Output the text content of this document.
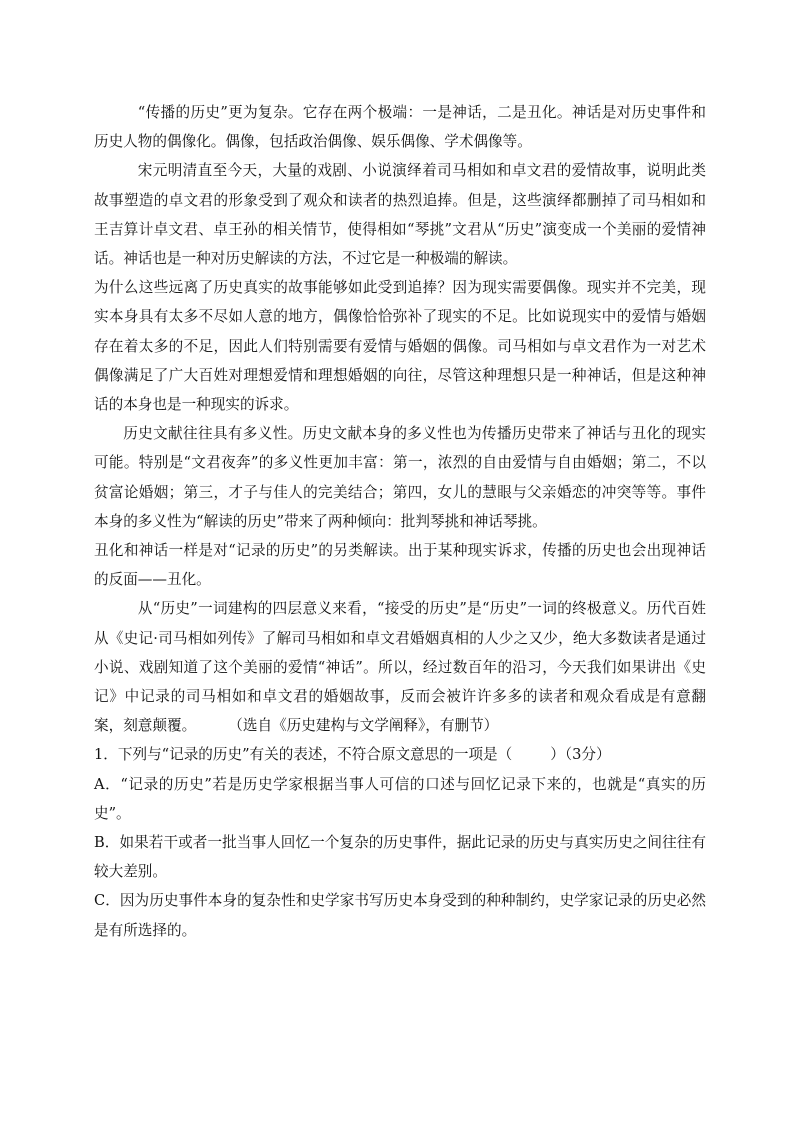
“传播的历史”更为复杂。它存在两个极端：一是神话，二是丑化。神话是对历史事件和历史人物的偶像化。偶像，包括政治偶像、娱乐偶像、学术偶像等。

宋元明清直至今天，大量的戏剧、小说演绎着司马相如和卓文君的爱情故事，说明此类故事塑造的卓文君的形象受到了观众和读者的热烈追捧。但是，这些演绎都删掉了司马相如和王吉算计卓文君、卓王孙的相关情节，使得相如“琴挑”文君从“历史”演变成一个美丽的爱情神话。神话也是一种对历史解读的方法，不过它是一种极端的解读。

为什么这些远离了历史真实的故事能够如此受到追捧？因为现实需要偶像。现实并不完美，现实本身具有太多不尽如人意的地方，偶像恰恰弥补了现实的不足。比如说现实中的爱情与婚姻存在着太多的不足，因此人们特别需要有爱情与婚姻的偶像。司马相如与卓文君作为一对艺术偶像满足了广大百姓对理想爱情和理想婚姻的向往，尽管这种理想只是一种神话，但是这种神话的本身也是一种现实的诉求。

历史文献往往具有多义性。历史文献本身的多义性也为传播历史带来了神话与丑化的现实可能。特别是“文君夜奔”的多义性更加丰富：第一，浓烈的自由爱情与自由婚姻；第二，不以贫富论婚姻；第三，才子与佳人的完美结合；第四，女儿的慧眼与父亲婚恋的冲突等等。事件本身的多义性为“解读的历史”带来了两种倾向：批判琴挑和神话琴挑。

丑化和神话一样是对“记录的历史”的另类解读。出于某种现实诉求，传播的历史也会出现神话的反面——丑化。

从“历史”一词建构的四层意义来看，“接受的历史”是“历史”一词的终极意义。历代百姓从《史记·司马相如列传》了解司马相如和卓文君婚姻真相的人少之又少，绝大多数读者是通过小说、戏剧知道了这个美丽的爱情“神话”。所以，经过数百年的沿习，今天我们如果讲出《史记》中记录的司马相如和卓文君的婚姻故事，反而会被许许多多的读者和观众看成是有意翻案，刻意颠覆。 （选自《历史建构与文学阐释》，有删节）

1．下列与“记录的历史”有关的表述，不符合原文意思的一项是（	）（3分）

A．“记录的历史”若是历史学家根据当事人可信的口述与回忆记录下来的，也就是“真实的历史”。

B．如果若干或者一批当事人回忆一个复杂的历史事件，据此记录的历史与真实历史之间往往有较大差别。

C．因为历史事件本身的复杂性和史学家书写历史本身受到的种种制约，史学家记录的历史必然是有所选择的。
